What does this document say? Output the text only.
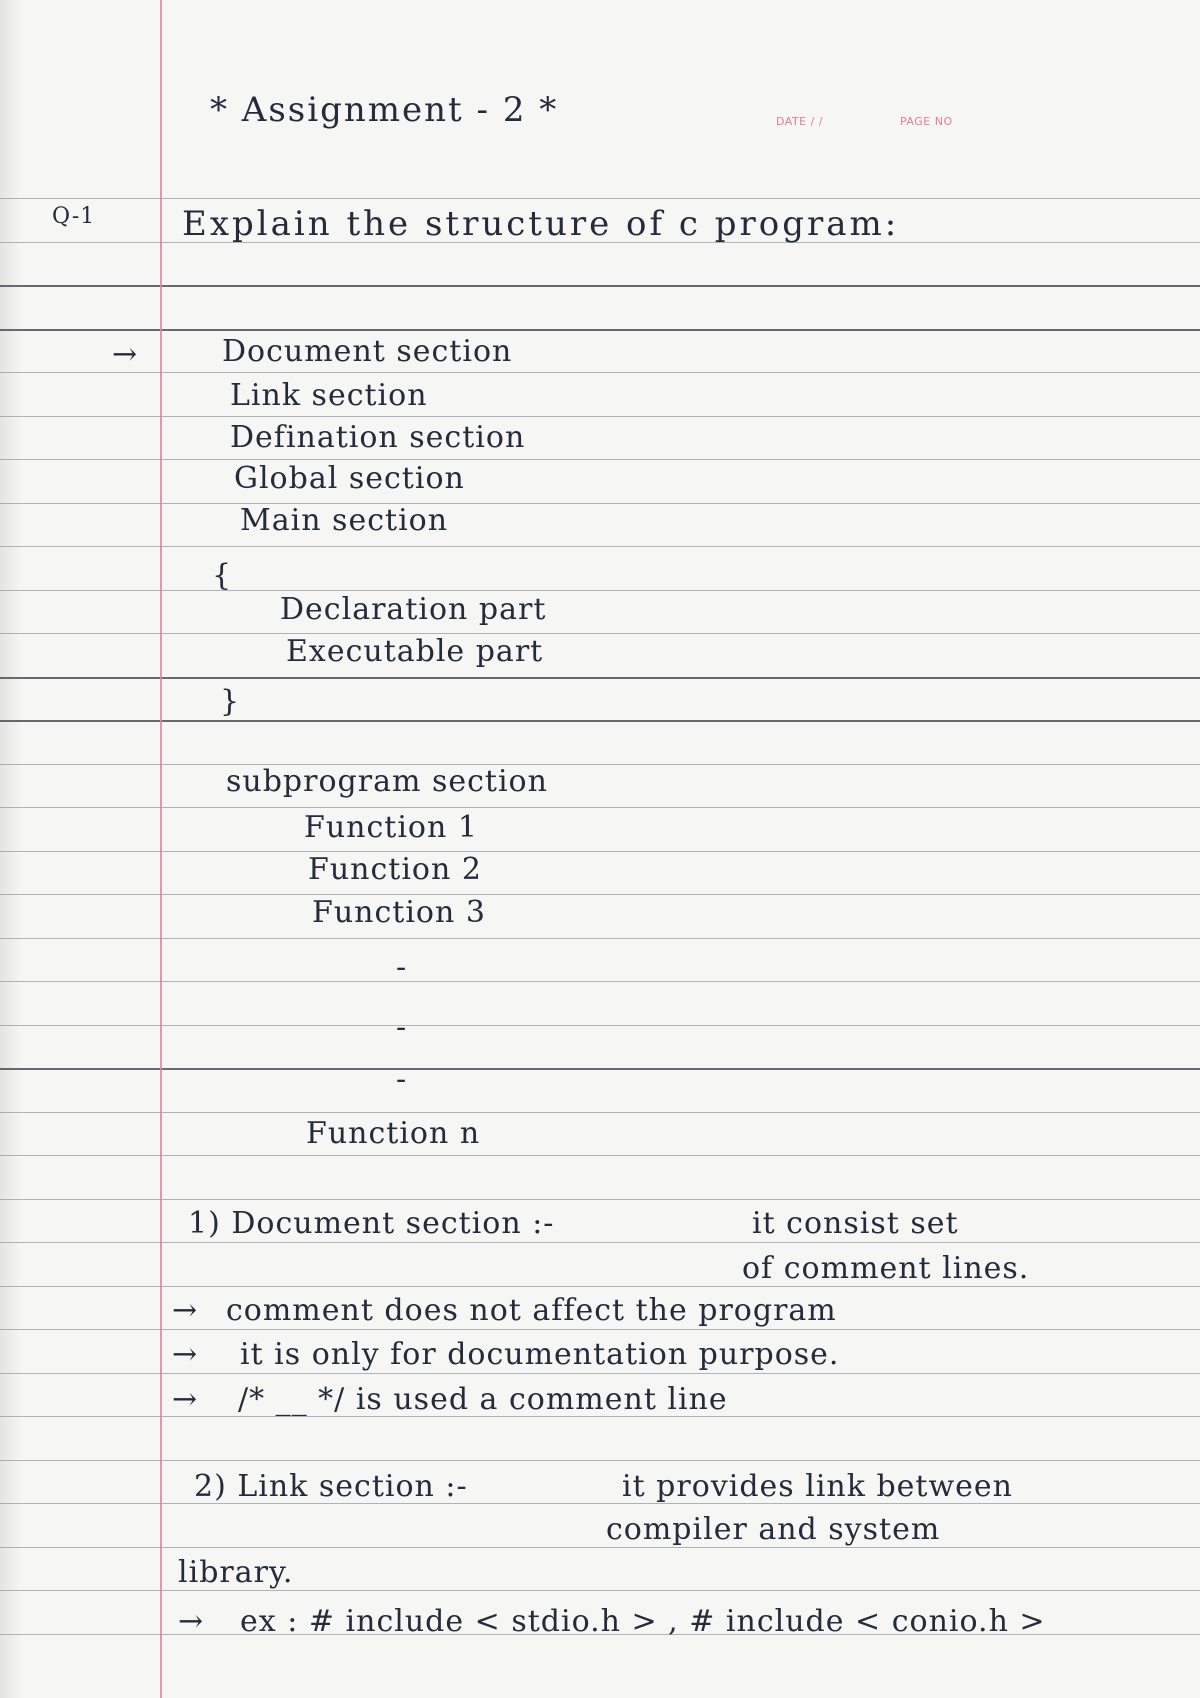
* Assignment - 2 *	DATE / /	PAGE NO
Q-1	Explain the structure of c program:
→	Document section
Link section
Defination section
Global section
Main section
{
Declaration part
Executable part
}
subprogram section
Function 1
Function 2
Function 3
-
-
-
Function n
1) Document section :-	it consist set
of comment lines.
→ comment does not affect the program
→ it is only for documentation purpose.
→ /* __ */ is used a comment line
2) Link section :-	it provides link between
compiler and system
library.
→ ex : # include < stdio.h > , # include < conio.h >
